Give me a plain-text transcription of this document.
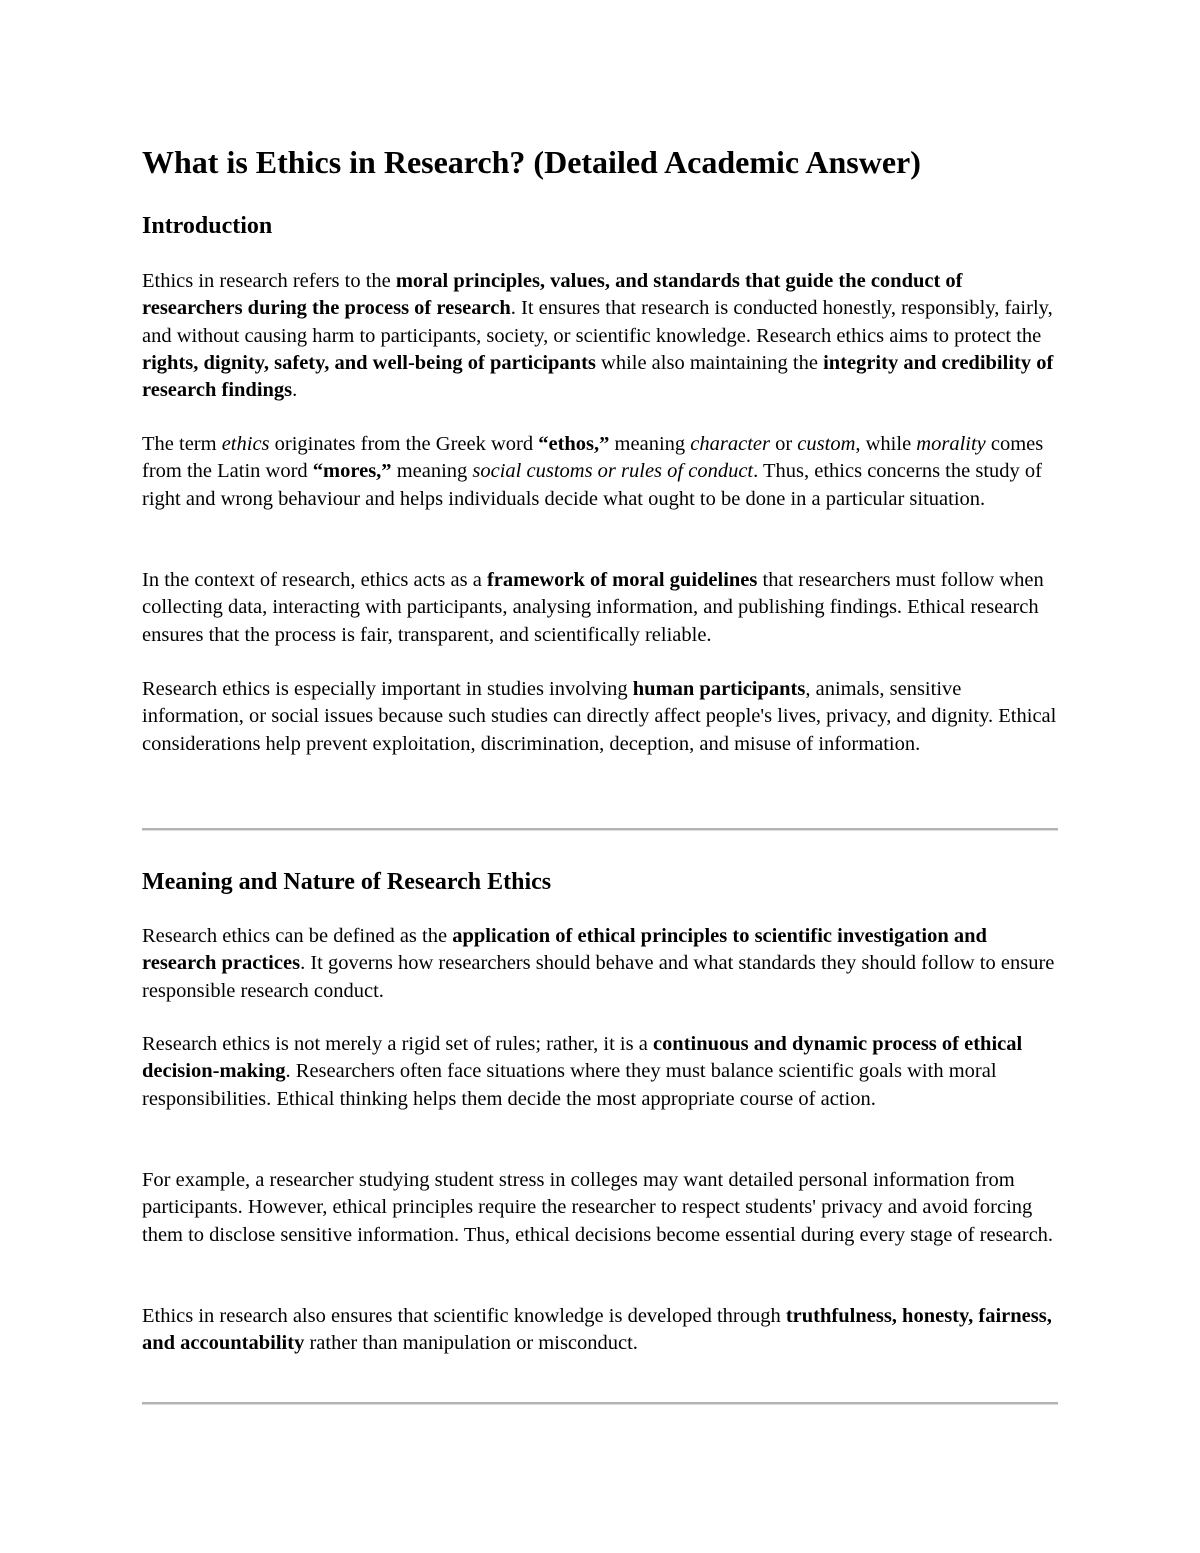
What is Ethics in Research? (Detailed Academic Answer)
Introduction

Ethics in research refers to the moral principles, values, and standards that guide the conduct of researchers during the process of research. It ensures that research is conducted honestly, responsibly, fairly, and without causing harm to participants, society, or scientific knowledge. Research ethics aims to protect the rights, dignity, safety, and well-being of participants while also maintaining the integrity and credibility of research findings.

The term ethics originates from the Greek word “ethos,” meaning character or custom, while morality comes from the Latin word “mores,” meaning social customs or rules of conduct. Thus, ethics concerns the study of right and wrong behaviour and helps individuals decide what ought to be done in a particular situation.

In the context of research, ethics acts as a framework of moral guidelines that researchers must follow when collecting data, interacting with participants, analysing information, and publishing findings. Ethical research ensures that the process is fair, transparent, and scientifically reliable.

Research ethics is especially important in studies involving human participants, animals, sensitive information, or social issues because such studies can directly affect people's lives, privacy, and dignity. Ethical considerations help prevent exploitation, discrimination, deception, and misuse of information.

Meaning and Nature of Research Ethics

Research ethics can be defined as the application of ethical principles to scientific investigation and research practices. It governs how researchers should behave and what standards they should follow to ensure responsible research conduct.

Research ethics is not merely a rigid set of rules; rather, it is a continuous and dynamic process of ethical decision-making. Researchers often face situations where they must balance scientific goals with moral responsibilities. Ethical thinking helps them decide the most appropriate course of action.

For example, a researcher studying student stress in colleges may want detailed personal information from participants. However, ethical principles require the researcher to respect students' privacy and avoid forcing them to disclose sensitive information. Thus, ethical decisions become essential during every stage of research.

Ethics in research also ensures that scientific knowledge is developed through truthfulness, honesty, fairness, and accountability rather than manipulation or misconduct.
